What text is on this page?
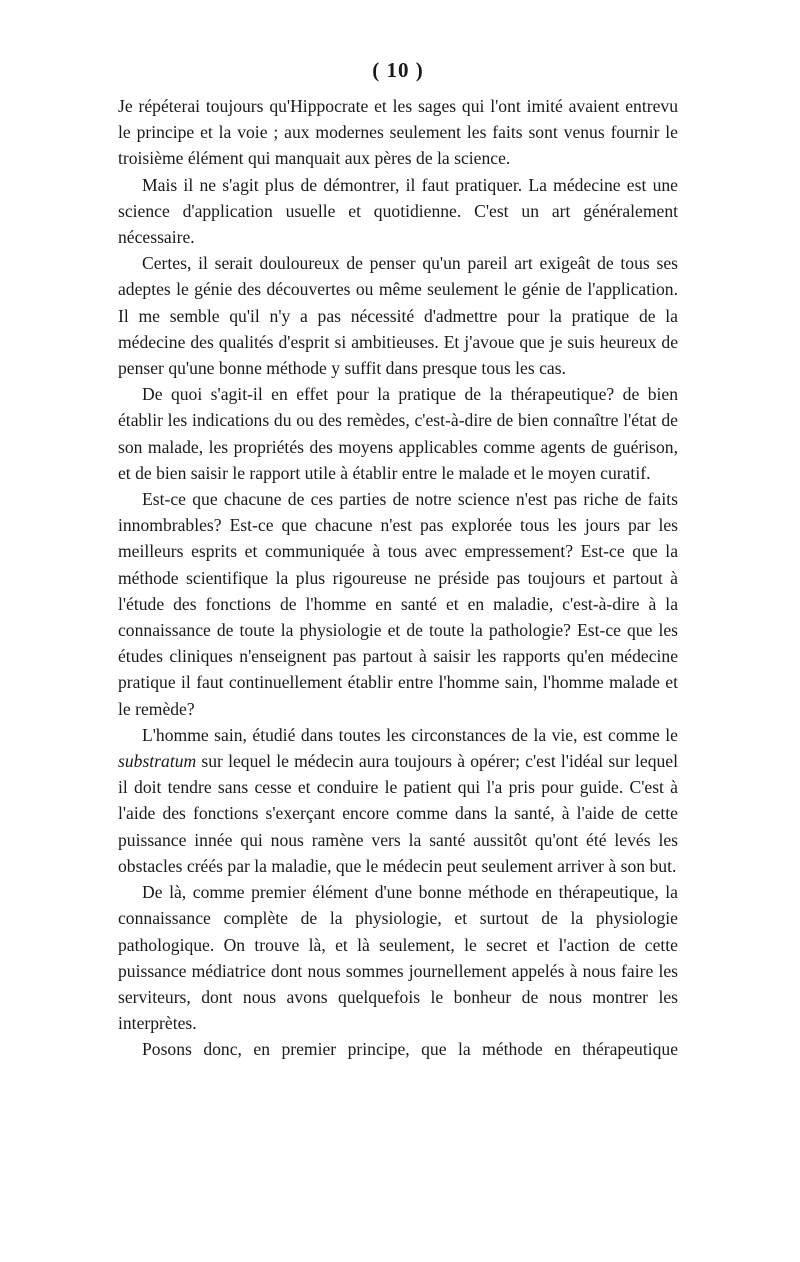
( 10 )

Je répéterai toujours qu'Hippocrate et les sages qui l'ont imité avaient entrevu le principe et la voie ; aux modernes seulement les faits sont venus fournir le troisième élément qui manquait aux pères de la science.

Mais il ne s'agit plus de démontrer, il faut pratiquer. La médecine est une science d'application usuelle et quotidienne. C'est un art généralement nécessaire.

Certes, il serait douloureux de penser qu'un pareil art exigeât de tous ses adeptes le génie des découvertes ou même seulement le génie de l'application. Il me semble qu'il n'y a pas nécessité d'admettre pour la pratique de la médecine des qualités d'esprit si ambitieuses. Et j'avoue que je suis heureux de penser qu'une bonne méthode y suffit dans presque tous les cas.

De quoi s'agit-il en effet pour la pratique de la thérapeutique? de bien établir les indications du ou des remèdes, c'est-à-dire de bien connaître l'état de son malade, les propriétés des moyens applicables comme agents de guérison, et de bien saisir le rapport utile à établir entre le malade et le moyen curatif.

Est-ce que chacune de ces parties de notre science n'est pas riche de faits innombrables? Est-ce que chacune n'est pas explorée tous les jours par les meilleurs esprits et communiquée à tous avec empressement? Est-ce que la méthode scientifique la plus rigoureuse ne préside pas toujours et partout à l'étude des fonctions de l'homme en santé et en maladie, c'est-à-dire à la connaissance de toute la physiologie et de toute la pathologie? Est-ce que les études cliniques n'enseignent pas partout à saisir les rapports qu'en médecine pratique il faut continuellement établir entre l'homme sain, l'homme malade et le remède?

L'homme sain, étudié dans toutes les circonstances de la vie, est comme le substratum sur lequel le médecin aura toujours à opérer; c'est l'idéal sur lequel il doit tendre sans cesse et conduire le patient qui l'a pris pour guide. C'est à l'aide des fonctions s'exerçant encore comme dans la santé, à l'aide de cette puissance innée qui nous ramène vers la santé aussitôt qu'ont été levés les obstacles créés par la maladie, que le médecin peut seulement arriver à son but.

De là, comme premier élément d'une bonne méthode en thérapeutique, la connaissance complète de la physiologie, et surtout de la physiologie pathologique. On trouve là, et là seulement, le secret et l'action de cette puissance médiatrice dont nous sommes journellement appelés à nous faire les serviteurs, dont nous avons quelquefois le bonheur de nous montrer les interprètes.

Posons donc, en premier principe, que la méthode en thérapeutique
